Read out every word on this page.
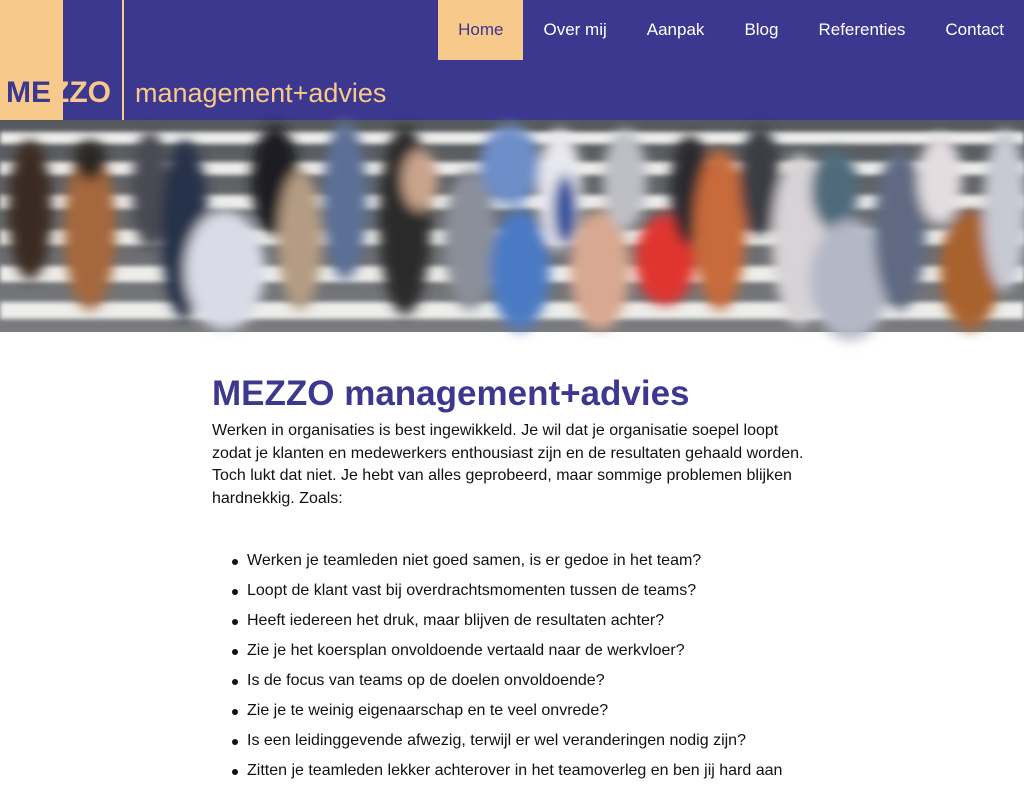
MEZZO management+advies
Home	Over mij	Aanpak	Blog	Referenties	Contact
MEZZO management+advies

Werken in organisaties is best ingewikkeld. Je wil dat je organisatie soepel loopt zodat je klanten en medewerkers enthousiast zijn en de resultaten gehaald worden. Toch lukt dat niet. Je hebt van alles geprobeerd, maar sommige problemen blijken hardnekkig. Zoals:

Werken je teamleden niet goed samen, is er gedoe in het team?
Loopt de klant vast bij overdrachtsmomenten tussen de teams?
Heeft iedereen het druk, maar blijven de resultaten achter?
Zie je het koersplan onvoldoende vertaald naar de werkvloer?
Is de focus van teams op de doelen onvoldoende?
Zie je te weinig eigenaarschap en te veel onvrede?
Is een leidinggevende afwezig, terwijl er wel veranderingen nodig zijn?
Zitten je teamleden lekker achterover in het teamoverleg en ben jij hard aan
